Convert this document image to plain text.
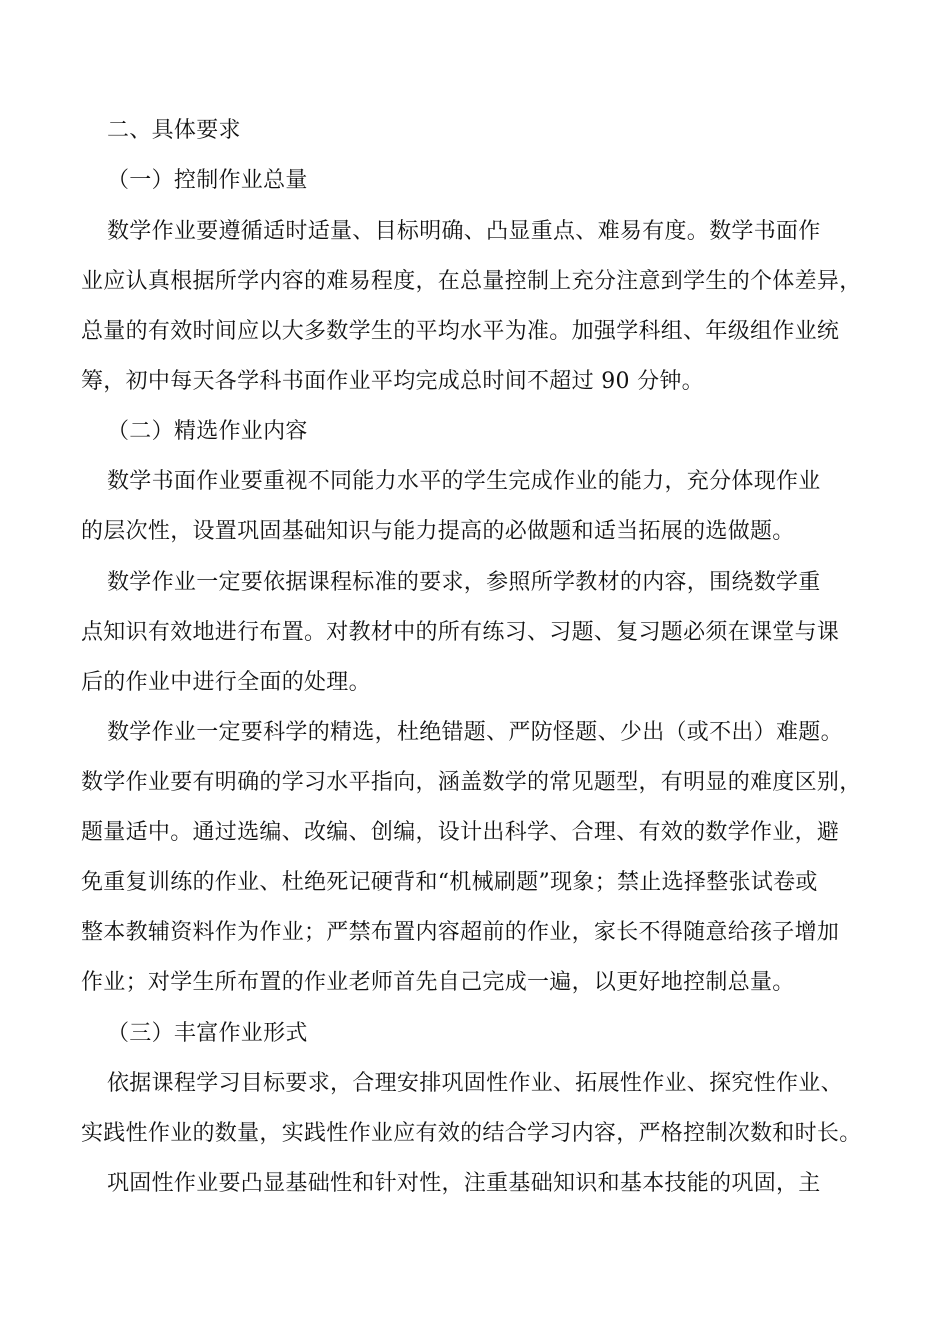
二、具体要求
（一）控制作业总量
数学作业要遵循适时适量、目标明确、凸显重点、难易有度。数学书面作
业应认真根据所学内容的难易程度，在总量控制上充分注意到学生的个体差异，
总量的有效时间应以大多数学生的平均水平为准。加强学科组、年级组作业统
筹，初中每天各学科书面作业平均完成总时间不超过 90 分钟。
（二）精选作业内容
数学书面作业要重视不同能力水平的学生完成作业的能力，充分体现作业
的层次性，设置巩固基础知识与能力提高的必做题和适当拓展的选做题。
数学作业一定要依据课程标准的要求，参照所学教材的内容，围绕数学重
点知识有效地进行布置。对教材中的所有练习、习题、复习题必须在课堂与课
后的作业中进行全面的处理。
数学作业一定要科学的精选，杜绝错题、严防怪题、少出（或不出）难题。
数学作业要有明确的学习水平指向，涵盖数学的常见题型，有明显的难度区别，
题量适中。通过选编、改编、创编，设计出科学、合理、有效的数学作业，避
免重复训练的作业、杜绝死记硬背和“机械刷题”现象；禁止选择整张试卷或
整本教辅资料作为作业；严禁布置内容超前的作业，家长不得随意给孩子增加
作业；对学生所布置的作业老师首先自己完成一遍，以更好地控制总量。
（三）丰富作业形式
依据课程学习目标要求，合理安排巩固性作业、拓展性作业、探究性作业、
实践性作业的数量，实践性作业应有效的结合学习内容，严格控制次数和时长。
巩固性作业要凸显基础性和针对性，注重基础知识和基本技能的巩固，主
